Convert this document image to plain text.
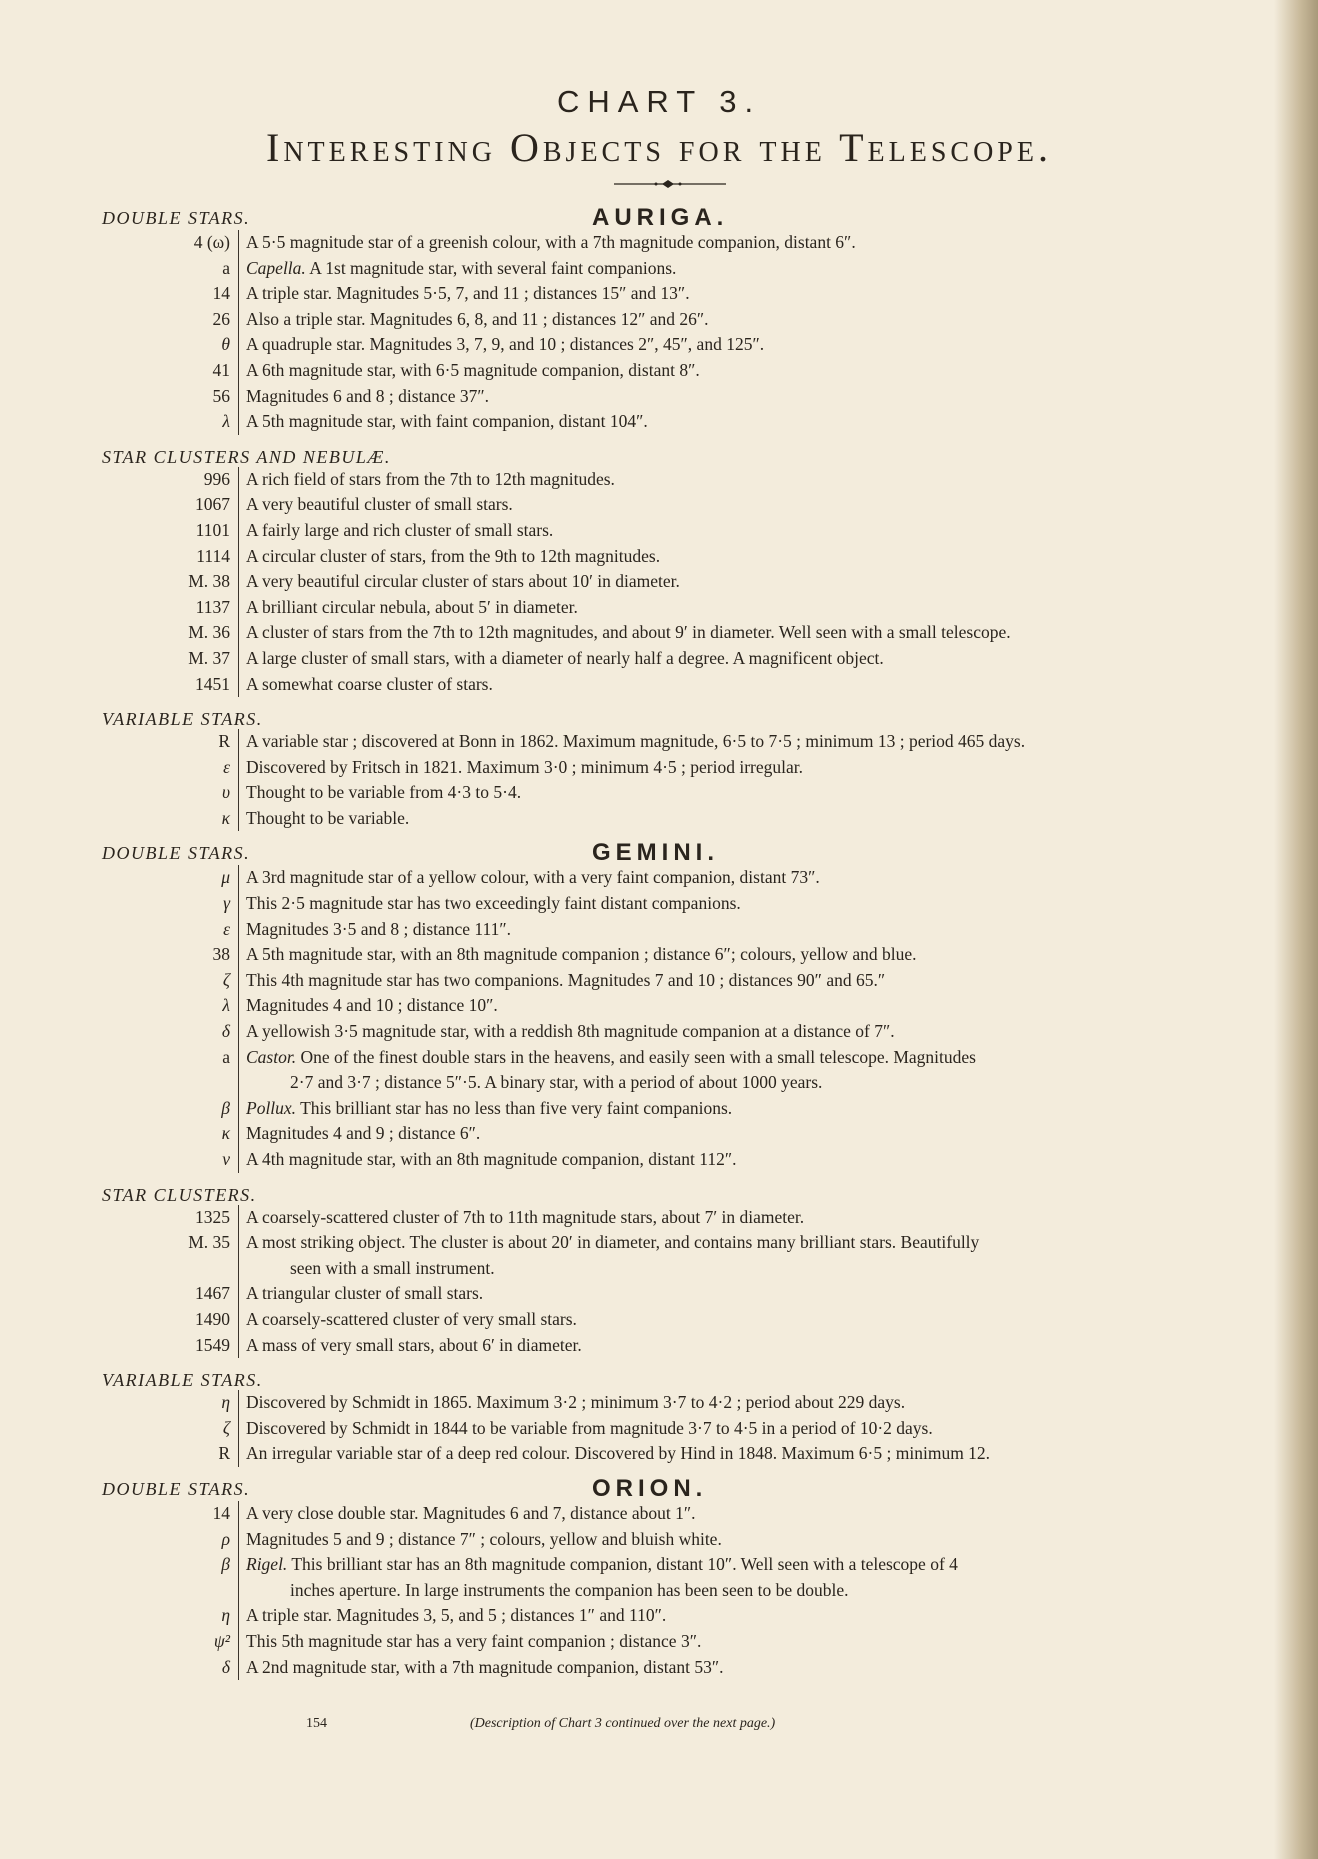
CHART 3.
Interesting Objects for the Telescope.
DOUBLE STARS.	AURIGA.
4 (ω) A 5·5 magnitude star of a greenish colour, with a 7th magnitude companion, distant 6″.
a Capella. A 1st magnitude star, with several faint companions.
14 A triple star. Magnitudes 5·5, 7, and 11 ; distances 15″ and 13″.
26 Also a triple star. Magnitudes 6, 8, and 11 ; distances 12″ and 26″.
θ A quadruple star. Magnitudes 3, 7, 9, and 10 ; distances 2″, 45″, and 125″.
41 A 6th magnitude star, with 6·5 magnitude companion, distant 8″.
56 Magnitudes 6 and 8 ; distance 37″.
λ A 5th magnitude star, with faint companion, distant 104″.
STAR CLUSTERS AND NEBULÆ.
996 A rich field of stars from the 7th to 12th magnitudes.
1067 A very beautiful cluster of small stars.
1101 A fairly large and rich cluster of small stars.
1114 A circular cluster of stars, from the 9th to 12th magnitudes.
M. 38 A very beautiful circular cluster of stars about 10′ in diameter.
1137 A brilliant circular nebula, about 5′ in diameter.
M. 36 A cluster of stars from the 7th to 12th magnitudes, and about 9′ in diameter. Well seen with a small telescope.
M. 37 A large cluster of small stars, with a diameter of nearly half a degree. A magnificent object.
1451 A somewhat coarse cluster of stars.
VARIABLE STARS.
R A variable star ; discovered at Bonn in 1862. Maximum magnitude, 6·5 to 7·5 ; minimum 13 ; period 465 days.
ε Discovered by Fritsch in 1821. Maximum 3·0 ; minimum 4·5 ; period irregular.
υ Thought to be variable from 4·3 to 5·4.
κ Thought to be variable.
DOUBLE STARS.	GEMINI.
μ A 3rd magnitude star of a yellow colour, with a very faint companion, distant 73″.
γ This 2·5 magnitude star has two exceedingly faint distant companions.
ε Magnitudes 3·5 and 8 ; distance 111″.
38 A 5th magnitude star, with an 8th magnitude companion ; distance 6″; colours, yellow and blue.
ζ This 4th magnitude star has two companions. Magnitudes 7 and 10 ; distances 90″ and 65.″
λ Magnitudes 4 and 10 ; distance 10″.
δ A yellowish 3·5 magnitude star, with a reddish 8th magnitude companion at a distance of 7″.
a Castor. One of the finest double stars in the heavens, and easily seen with a small telescope. Magnitudes
2·7 and 3·7 ; distance 5″·5. A binary star, with a period of about 1000 years.
β Pollux. This brilliant star has no less than five very faint companions.
κ Magnitudes 4 and 9 ; distance 6″.
ν A 4th magnitude star, with an 8th magnitude companion, distant 112″.
STAR CLUSTERS.
1325 A coarsely-scattered cluster of 7th to 11th magnitude stars, about 7′ in diameter.
M. 35 A most striking object. The cluster is about 20′ in diameter, and contains many brilliant stars. Beautifully
seen with a small instrument.
1467 A triangular cluster of small stars.
1490 A coarsely-scattered cluster of very small stars.
1549 A mass of very small stars, about 6′ in diameter.
VARIABLE STARS.
η Discovered by Schmidt in 1865. Maximum 3·2 ; minimum 3·7 to 4·2 ; period about 229 days.
ζ Discovered by Schmidt in 1844 to be variable from magnitude 3·7 to 4·5 in a period of 10·2 days.
R An irregular variable star of a deep red colour. Discovered by Hind in 1848. Maximum 6·5 ; minimum 12.
DOUBLE STARS.	ORION.
14 A very close double star. Magnitudes 6 and 7, distance about 1″.
ρ Magnitudes 5 and 9 ; distance 7″ ; colours, yellow and bluish white.
β Rigel. This brilliant star has an 8th magnitude companion, distant 10″. Well seen with a telescope of 4
inches aperture. In large instruments the companion has been seen to be double.
η A triple star. Magnitudes 3, 5, and 5 ; distances 1″ and 110″.
ψ² This 5th magnitude star has a very faint companion ; distance 3″.
δ A 2nd magnitude star, with a 7th magnitude companion, distant 53″.
154	(Description of Chart 3 continued over the next page.)
